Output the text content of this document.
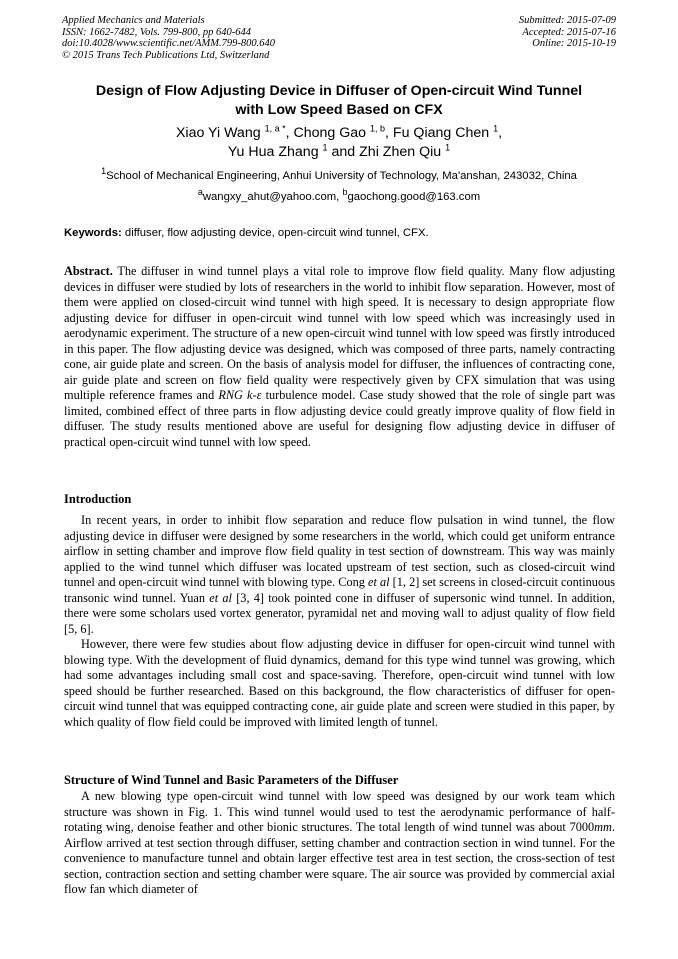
Applied Mechanics and Materials
ISSN: 1662-7482, Vols. 799-800, pp 640-644
doi:10.4028/www.scientific.net/AMM.799-800.640
© 2015 Trans Tech Publications Ltd, Switzerland
Submitted: 2015-07-09
Accepted: 2015-07-16
Online: 2015-10-19
Design of Flow Adjusting Device in Diffuser of Open-circuit Wind Tunnel
with Low Speed Based on CFX
Xiao Yi Wang $^{1, a *}$, Chong Gao $^{1, b}$, Fu Qiang Chen $^1$,
Yu Hua Zhang $^1$ and Zhi Zhen Qiu $^1$
$^1$School of Mechanical Engineering, Anhui University of Technology, Ma'anshan, 243032, China
$^a$wangxy_ahut@yahoo.com, $^b$gaochong.good@163.com
Keywords: diffuser, flow adjusting device, open-circuit wind tunnel, CFX.

Abstract. The diffuser in wind tunnel plays a vital role to improve flow field quality. Many flow adjusting devices in diffuser were studied by lots of researchers in the world to inhibit flow separation. However, most of them were applied on closed-circuit wind tunnel with high speed. It is necessary to design appropriate flow adjusting device for diffuser in open-circuit wind tunnel with low speed which was increasingly used in aerodynamic experiment. The structure of a new open-circuit wind tunnel with low speed was firstly introduced in this paper. The flow adjusting device was designed, which was composed of three parts, namely contracting cone, air guide plate and screen. On the basis of analysis model for diffuser, the influences of contracting cone, air guide plate and screen on flow field quality were respectively given by CFX simulation that was using multiple reference frames and RNG k-ε turbulence model. Case study showed that the role of single part was limited, combined effect of three parts in flow adjusting device could greatly improve quality of flow field in diffuser. The study results mentioned above are useful for designing flow adjusting device in diffuser of practical open-circuit wind tunnel with low speed.

Introduction

In recent years, in order to inhibit flow separation and reduce flow pulsation in wind tunnel, the flow adjusting device in diffuser were designed by some researchers in the world, which could get uniform entrance airflow in setting chamber and improve flow field quality in test section of downstream. This way was mainly applied to the wind tunnel which diffuser was located upstream of test section, such as closed-circuit wind tunnel and open-circuit wind tunnel with blowing type. Cong et al [1, 2] set screens in closed-circuit continuous transonic wind tunnel. Yuan et al [3, 4] took pointed cone in diffuser of supersonic wind tunnel. In addition, there were some scholars used vortex generator, pyramidal net and moving wall to adjust quality of flow field [5, 6].

However, there were few studies about flow adjusting device in diffuser for open-circuit wind tunnel with blowing type. With the development of fluid dynamics, demand for this type wind tunnel was growing, which had some advantages including small cost and space-saving. Therefore, open-circuit wind tunnel with low speed should be further researched. Based on this background, the flow characteristics of diffuser for open-circuit wind tunnel that was equipped contracting cone, air guide plate and screen were studied in this paper, by which quality of flow field could be improved with limited length of tunnel.

Structure of Wind Tunnel and Basic Parameters of the Diffuser

A new blowing type open-circuit wind tunnel with low speed was designed by our work team which structure was shown in Fig. 1. This wind tunnel would used to test the aerodynamic performance of half-rotating wing, denoise feather and other bionic structures. The total length of wind tunnel was about 7000mm. Airflow arrived at test section through diffuser, setting chamber and contraction section in wind tunnel. For the convenience to manufacture tunnel and obtain larger effective test area in test section, the cross-section of test section, contraction section and setting chamber were square. The air source was provided by commercial axial flow fan which diameter of
